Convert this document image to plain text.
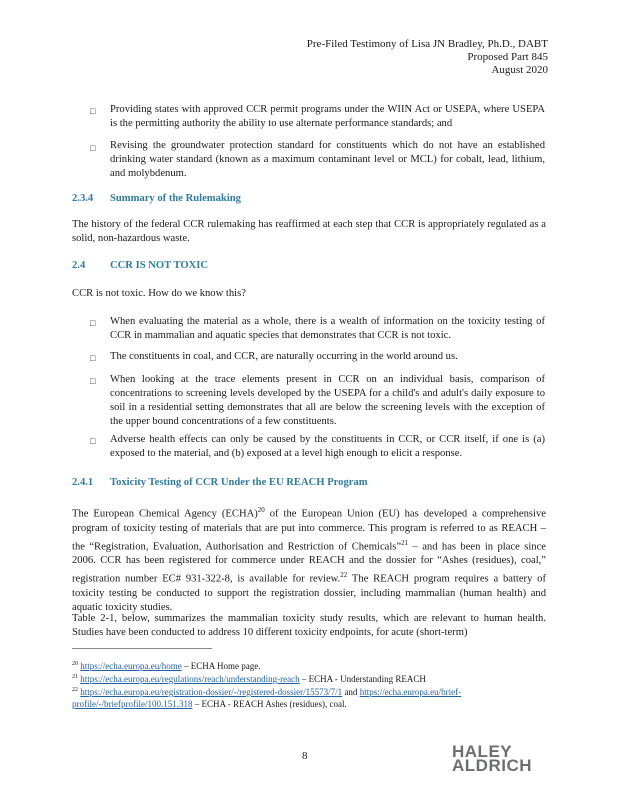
Pre-Filed Testimony of Lisa JN Bradley, Ph.D., DABT
Proposed Part 845
August 2020
□ Providing states with approved CCR permit programs under the WIIN Act or USEPA, where USEPA is the permitting authority the ability to use alternate performance standards; and
□ Revising the groundwater protection standard for constituents which do not have an established drinking water standard (known as a maximum contaminant level or MCL) for cobalt, lead, lithium, and molybdenum.
2.3.4 Summary of the Rulemaking
The history of the federal CCR rulemaking has reaffirmed at each step that CCR is appropriately regulated as a solid, non-hazardous waste.
2.4 CCR IS NOT TOXIC
CCR is not toxic. How do we know this?
□ When evaluating the material as a whole, there is a wealth of information on the toxicity testing of CCR in mammalian and aquatic species that demonstrates that CCR is not toxic.
□ The constituents in coal, and CCR, are naturally occurring in the world around us.
□ When looking at the trace elements present in CCR on an individual basis, comparison of concentrations to screening levels developed by the USEPA for a child's and adult's daily exposure to soil in a residential setting demonstrates that all are below the screening levels with the exception of the upper bound concentrations of a few constituents.
□ Adverse health effects can only be caused by the constituents in CCR, or CCR itself, if one is (a) exposed to the material, and (b) exposed at a level high enough to elicit a response.
2.4.1 Toxicity Testing of CCR Under the EU REACH Program
The European Chemical Agency (ECHA)$^{20}$ of the European Union (EU) has developed a comprehensive program of toxicity testing of materials that are put into commerce. This program is referred to as REACH – the “Registration, Evaluation, Authorisation and Restriction of Chemicals”$^{21}$ – and has been in place since 2006. CCR has been registered for commerce under REACH and the dossier for “Ashes (residues), coal,” registration number EC# 931-322-8, is available for review.$^{22}$ The REACH program requires a battery of toxicity testing be conducted to support the registration dossier, including mammalian (human health) and aquatic toxicity studies.
Table 2-1, below, summarizes the mammalian toxicity study results, which are relevant to human health. Studies have been conducted to address 10 different toxicity endpoints, for acute (short-term)
$^{20}$ https://echa.europa.eu/home – ECHA Home page.
$^{21}$ https://echa.europa.eu/regulations/reach/understanding-reach – ECHA - Understanding REACH
$^{22}$ https://echa.europa.eu/registration-dossier/-/registered-dossier/15573/7/1 and https://echa.europa.eu/brief-profile/-/briefprofile/100.151.318 – ECHA - REACH Ashes (residues), coal.
8	HALEY
ALDRICH
